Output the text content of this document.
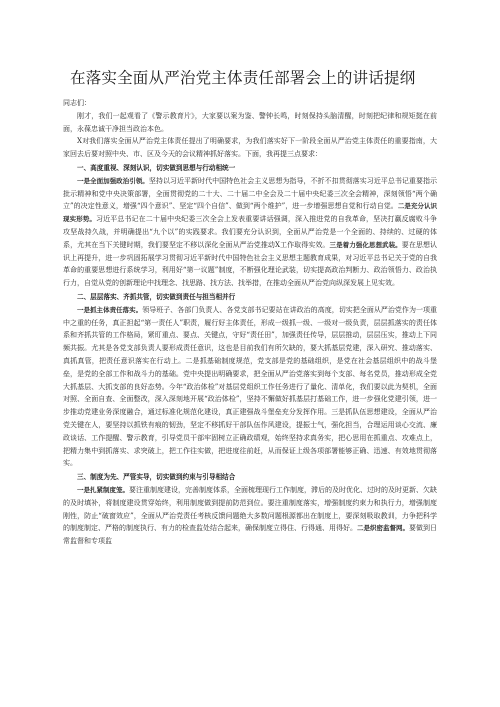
在落实全面从严治党主体责任部署会上的讲话提纲

同志们：

刚才，我们一起观看了《警示教育片》，大家要以案为鉴、警钟长鸣，时刻保持头脑清醒，时刻把纪律和规矩挺在前面，永葆忠诚干净担当政治本色。

X对我们落实全面从严治党主体责任提出了明确要求，为我们落实好下一阶段全面从严治党主体责任的重要指南，大家回去后要对照中央、市、区及今天的会议精神抓好落实。下面，我再提三点要求：

一、高度重视、深刻认识，切实做到思想与行动相统一

一是全面加强政治引领。坚持以习近平新时代中国特色社会主义思想为指导，不折不扣贯彻落实习近平总书记重要指示批示精神和党中央决策部署，全面贯彻党的二十大、二十届二中全会及二十届中央纪委三次全会精神，深刻领悟“两个确立”的决定性意义，增强“四个意识”、坚定“四个自信”、做到“两个维护”，进一步增强思想自觉和行动自觉。二是充分认识现实形势。习近平总书记在二十届中央纪委三次全会上发表重要讲话强调，深入推进党的自我革命，坚决打赢反腐败斗争攻坚战持久战，并明确提出“九个以”的实践要求。我们要充分认识到，全面从严治党是一个全面的、持续的、过硬的体系，尤其在当下关键时期，我们要坚定不移以深化全面从严治党推动X工作取得实效。三是着力强化思想武装。要在思想认识上再提升，进一步巩固拓展学习贯彻习近平新时代中国特色社会主义思想主题教育成果，对习近平总书记关于党的自我革命的重要思想进行系统学习，利用好“第一议题”制度，不断强化理论武装，切实提高政治判断力、政治领悟力、政治执行力，自觉从党的创新理论中找理念、找思路、找方法、找举措，在推动全面从严治党向纵深发展上见实效。

二、层层落实、齐抓共管，切实做到责任与担当相并行

一是抓主体责任落实。领导班子、各部门负责人、各党支部书记要站在讲政治的高度，切实把全面从严治党作为一项重中之重的任务，真正担起“第一责任人”职责，履行好主体责任，形成一级抓一级、一级对一级负责，层层抓落实的责任体系和齐抓共管的工作格局，紧盯重点、要点、关键点，守好“责任田”，加强责任传导，层层推动，层层压实，推动上下同频共振。尤其是各党支部负责人要形成责任意识，这也是目前我们有所欠缺的，要大抓基层党建，深入研究、推动落实、真抓真管，把责任意识落实在行动上。二是抓基础制度规范，党支部是党的基础组织，是党在社会基层组织中的战斗堡垒，是党的全部工作和战斗力的基础。党中央提出明确要求，把全面从严治党落实到每个支部、每名党员，推动形成全党大抓基层、大抓支部的良好态势。今年“政治体检”对基层党组织工作任务进行了量化、清单化，我们要以此为契机，全面对照、全面自查、全面整改，深入深刻地开展“政治体检”，坚持不懈做好抓基层打基础工作，进一步强化党建引领，进一步推动党建业务深度融合，通过标准化规范化建设，真正建强战斗堡垒充分发挥作用。三是抓队伍思想建设，全面从严治党关键在人，要坚持以抓铁有痕的韧劲，坚定不移抓好干部队伍作风建设，提振士气，强化担当，合理运用谈心交流、廉政谈话、工作提醒、警示教育，引导党员干部牢固树立正确政绩观，始终坚持求真务实，把心思用在抓重点、攻难点上，把精力集中到抓落实、求突破上，把工作往实做，把进度往前赶，从而保证上级各项部署能够正确、迅速、有效地贯彻落实。

三、制度为先、严管实导，切实做到约束与引导相结合

一是扎紧制度笼。要注重制度建设，完善制度体系，全面梳理现行工作制度，滞后的及时优化、过时的及时更新、欠缺的及时填补，将制度建设贯穿始终，利用制度做到提前防范到位。要注重制度落实，增强制度约束力和执行力，增强制度刚性，防止“破窗效应”，全面从严治党责任考核反馈问题绝大多数问题根源都出在制度上，要深刻吸取教训，力争把科学的制度制定、严格的制度执行、有力的检查监处结合起来，确保制度立得住、行得通、用得好。二是织密监督网。要做到日常监督和专项监
